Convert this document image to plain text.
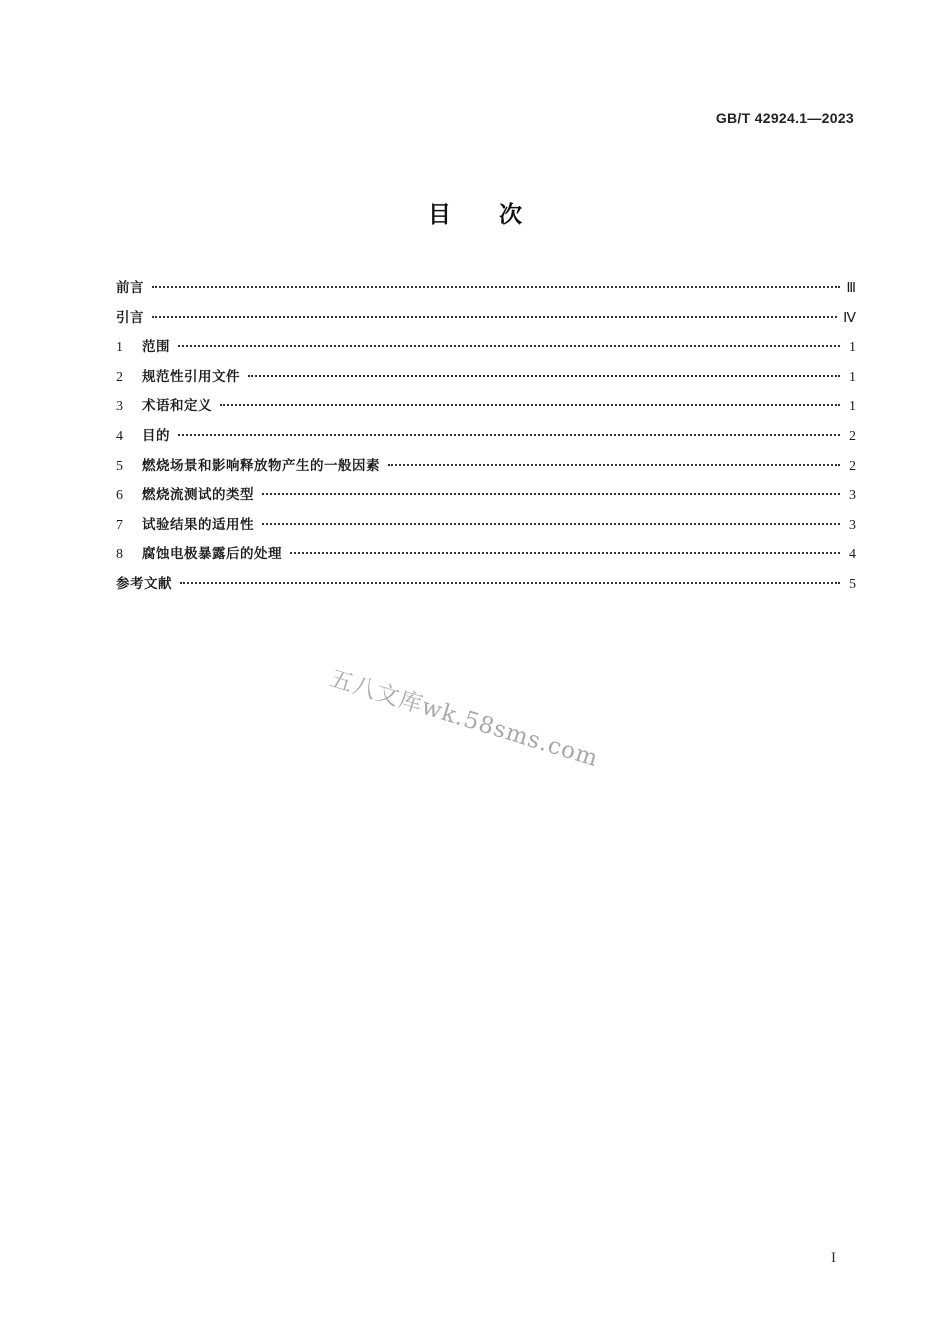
GB/T 42924.1—2023
目次
前言	Ⅲ
引言	Ⅳ
1	范围	1
2	规范性引用文件	1
3	术语和定义	1
4	目的	2
5	燃烧场景和影响释放物产生的一般因素	2
6	燃烧流测试的类型	3
7	试验结果的适用性	3
8	腐蚀电极暴露后的处理	4
参考文献	5
五八文库wk.58sms.com
I
